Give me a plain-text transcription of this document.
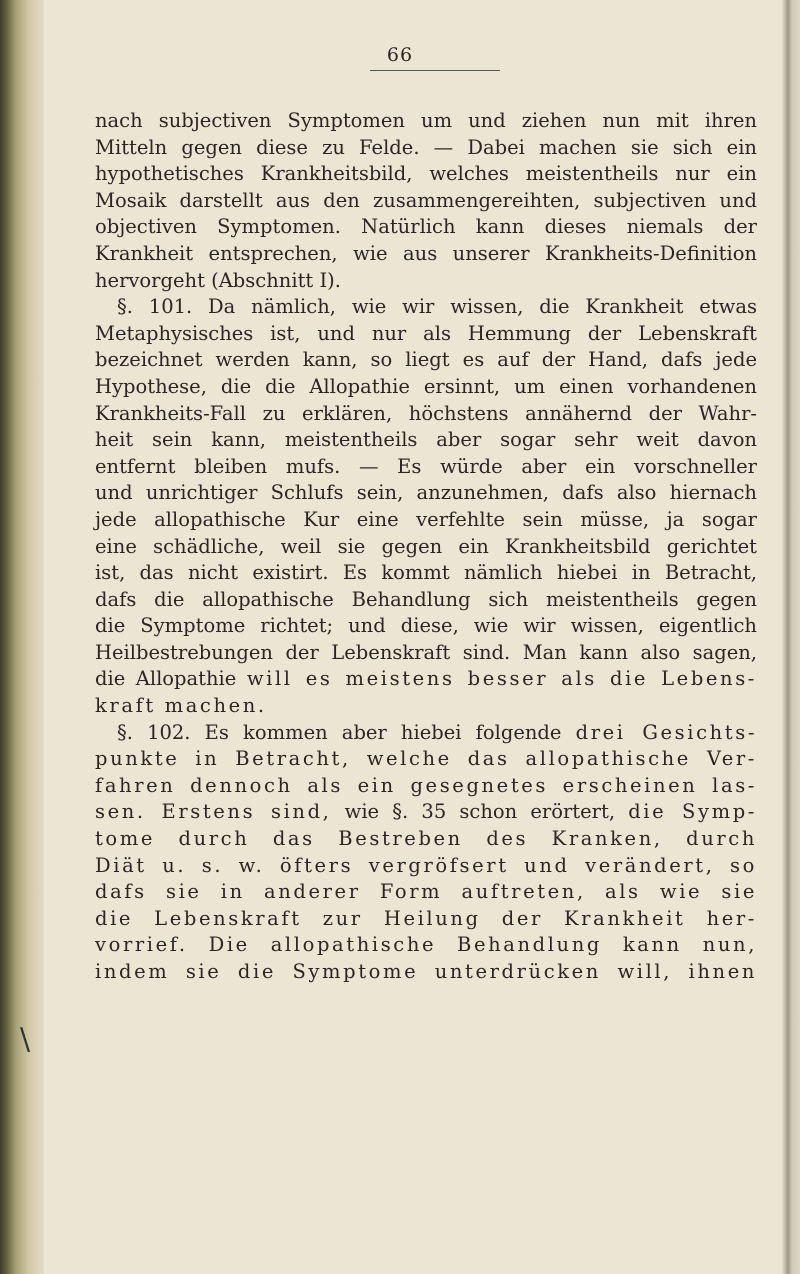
66
\
nach subjectiven Symptomen um und ziehen nun mit ihren
Mitteln gegen diese zu Felde. — Dabei machen sie sich ein
hypothetisches Krankheitsbild, welches meistentheils nur ein
Mosaik darstellt aus den zusammengereihten, subjectiven und
objectiven Symptomen. Natürlich kann dieses niemals der
Krankheit entsprechen, wie aus unserer Krankheits-Definition
hervorgeht (Abschnitt I).
§. 101. Da nämlich, wie wir wissen, die Krankheit etwas
Metaphysisches ist, und nur als Hemmung der Lebenskraft
bezeichnet werden kann, so liegt es auf der Hand, dafs jede
Hypothese, die die Allopathie ersinnt, um einen vorhandenen
Krankheits-Fall zu erklären, höchstens annähernd der Wahr-
heit sein kann, meistentheils aber sogar sehr weit davon
entfernt bleiben mufs. — Es würde aber ein vorschneller
und unrichtiger Schlufs sein, anzunehmen, dafs also hiernach
jede allopathische Kur eine verfehlte sein müsse, ja sogar
eine schädliche, weil sie gegen ein Krankheitsbild gerichtet
ist, das nicht existirt. Es kommt nämlich hiebei in Betracht,
dafs die allopathische Behandlung sich meistentheils gegen
die Symptome richtet; und diese, wie wir wissen, eigentlich
Heilbestrebungen der Lebenskraft sind. Man kann also sagen,
die Allopathie will es meistens besser als die Lebens-
kraft machen.
§. 102. Es kommen aber hiebei folgende drei Gesichts-
punkte in Betracht, welche das allopathische Ver-
fahren dennoch als ein gesegnetes erscheinen las-
sen. Erstens sind, wie §. 35 schon erörtert, die Symp-
tome durch das Bestreben des Kranken, durch
Diät u. s. w. öfters vergröfsert und verändert, so
dafs sie in anderer Form auftreten, als wie sie
die Lebenskraft zur Heilung der Krankheit her-
vorrief. Die allopathische Behandlung kann nun,
indem sie die Symptome unterdrücken will, ihnen
